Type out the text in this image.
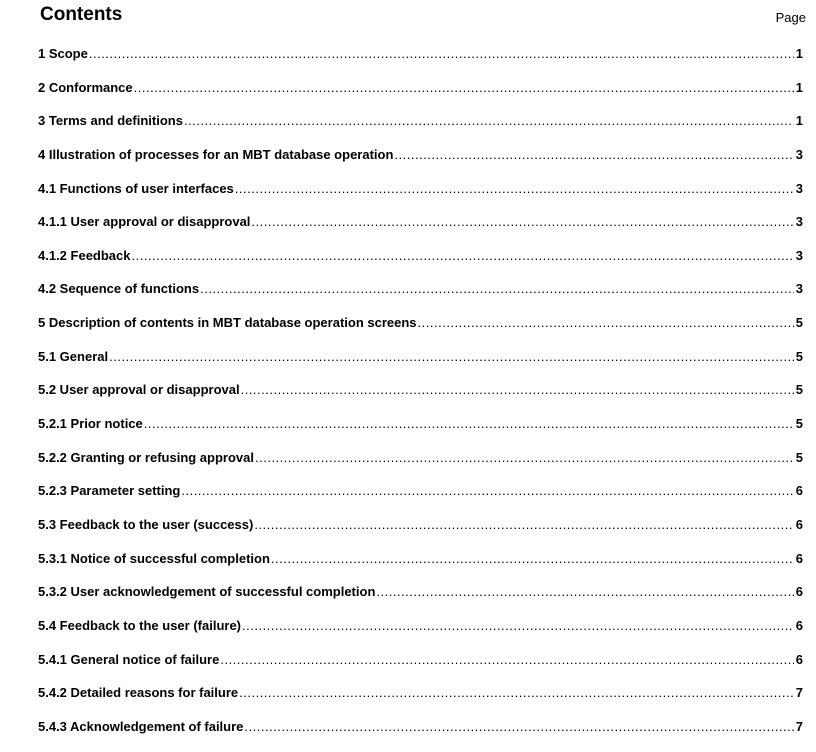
Contents	Page
1 Scope .....	1
2 Conformance .....	1
3 Terms and definitions .....	1
4 Illustration of processes for an MBT database operation .....	3
4.1 Functions of user interfaces .....	3
4.1.1 User approval or disapproval .....	3
4.1.2 Feedback .....	3
4.2 Sequence of functions .....	3
5 Description of contents in MBT database operation screens .....	5
5.1 General .....	5
5.2 User approval or disapproval .....	5
5.2.1 Prior notice .....	5
5.2.2 Granting or refusing approval .....	5
5.2.3 Parameter setting .....	6
5.3 Feedback to the user (success) .....	6
5.3.1 Notice of successful completion .....	6
5.3.2 User acknowledgement of successful completion .....	6
5.4 Feedback to the user (failure) .....	6
5.4.1 General notice of failure .....	6
5.4.2 Detailed reasons for failure .....	7
5.4.3 Acknowledgement of failure .....	7
